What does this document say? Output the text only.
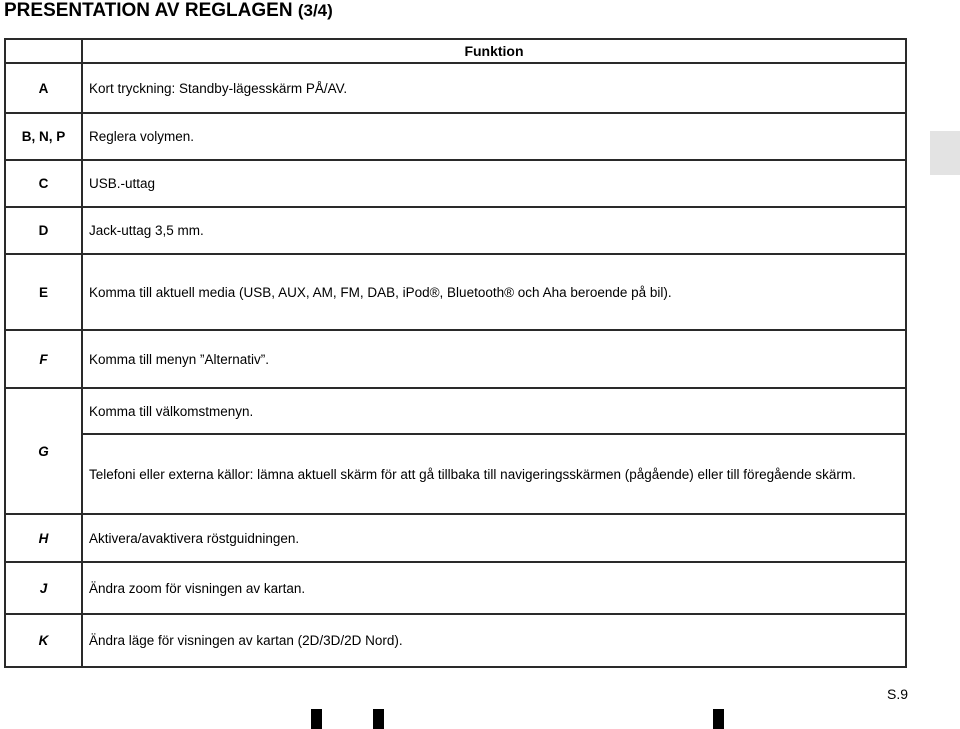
PRESENTATION AV REGLAGEN (3/4)
	Funktion
A	Kort tryckning: Standby-lägesskärm PÅ/AV.
B, N, P	Reglera volymen.
C	USB.-uttag
D	Jack-uttag 3,5 mm.
E	Komma till aktuell media (USB, AUX, AM, FM, DAB, iPod®, Bluetooth® och Aha beroende på bil).
F	Komma till menyn ”Alternativ”.
G	Komma till välkomstmenyn.
	Telefoni eller externa källor: lämna aktuell skärm för att gå tillbaka till navigeringsskärmen (pågående) eller till föregående skärm.
H	Aktivera/avaktivera röstguidningen.
J	Ändra zoom för visningen av kartan.
K	Ändra läge för visningen av kartan (2D/3D/2D Nord).
S.9
